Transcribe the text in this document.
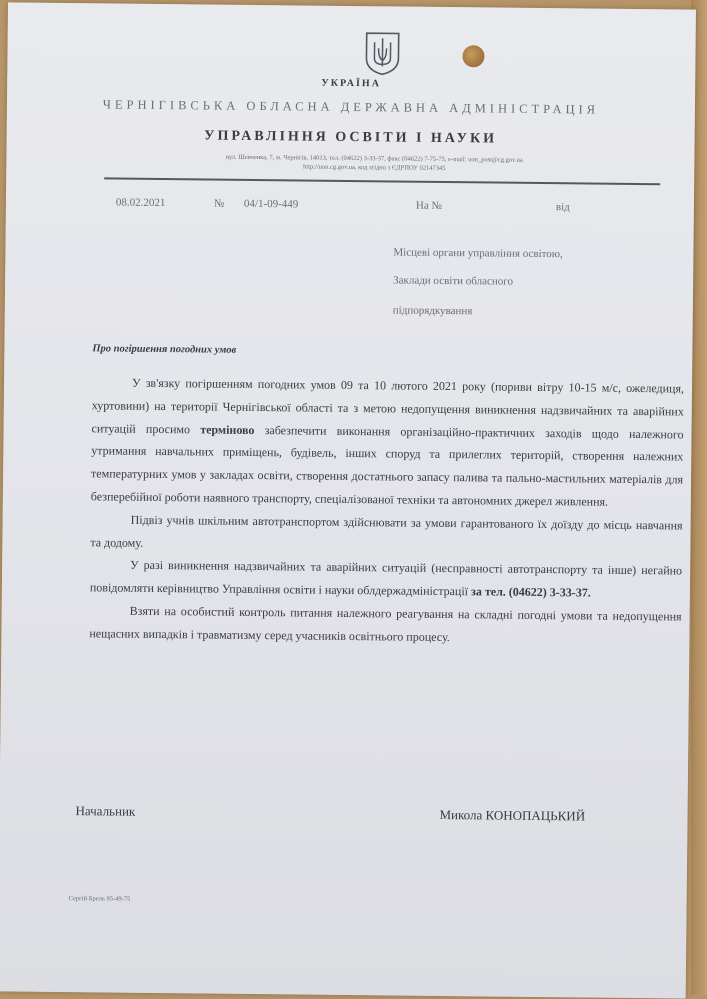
УКРАЇНА
ЧЕРНІГІВСЬКА ОБЛАСНА ДЕРЖАВНА АДМІНІСТРАЦІЯ
УПРАВЛІННЯ ОСВІТИ І НАУКИ
вул. Шевченка, 7, м. Чернігів, 14013, тел. (04622) 3-33-37, факс (04622) 7-75-75, e-mail: uon_post@cg.gov.ua
http://uon.cg.gov.ua, код згідно з ЄДРПОУ 02147345
08.02.2021	№ 04/1-09-449	На №	від
Місцеві органи управління освітою,
Заклади освіти обласного
підпорядкування
Про погіршення погодних умов

У зв'язку погіршенням погодних умов 09 та 10 лютого 2021 року (пориви вітру 10-15 м/с, ожеледиця, хуртовини) на території Чернігівської області та з метою недопущення виникнення надзвичайних та аварійних ситуацій просимо терміново забезпечити виконання організаційно-практичних заходів щодо належного утримання навчальних приміщень, будівель, інших споруд та прилеглих територій, створення належних температурних умов у закладах освіти, створення достатнього запасу палива та пально-мастильних матеріалів для безперебійної роботи наявного транспорту, спеціалізованої техніки та автономних джерел живлення.

Підвіз учнів шкільним автотранспортом здійснювати за умови гарантованого їх доїзду до місць навчання та додому.

У разі виникнення надзвичайних та аварійних ситуацій (несправності автотранспорту та інше) негайно повідомляти керівництво Управління освіти і науки облдержадміністрації за тел. (04622) 3-33-37.

Взяти на особистий контроль питання належного реагування на складні погодні умови та недопущення нещасних випадків і травматизму серед учасників освітнього процесу.

Начальник	Микола КОНОПАЦЬКИЙ
Сергій Брель 95-49-75
